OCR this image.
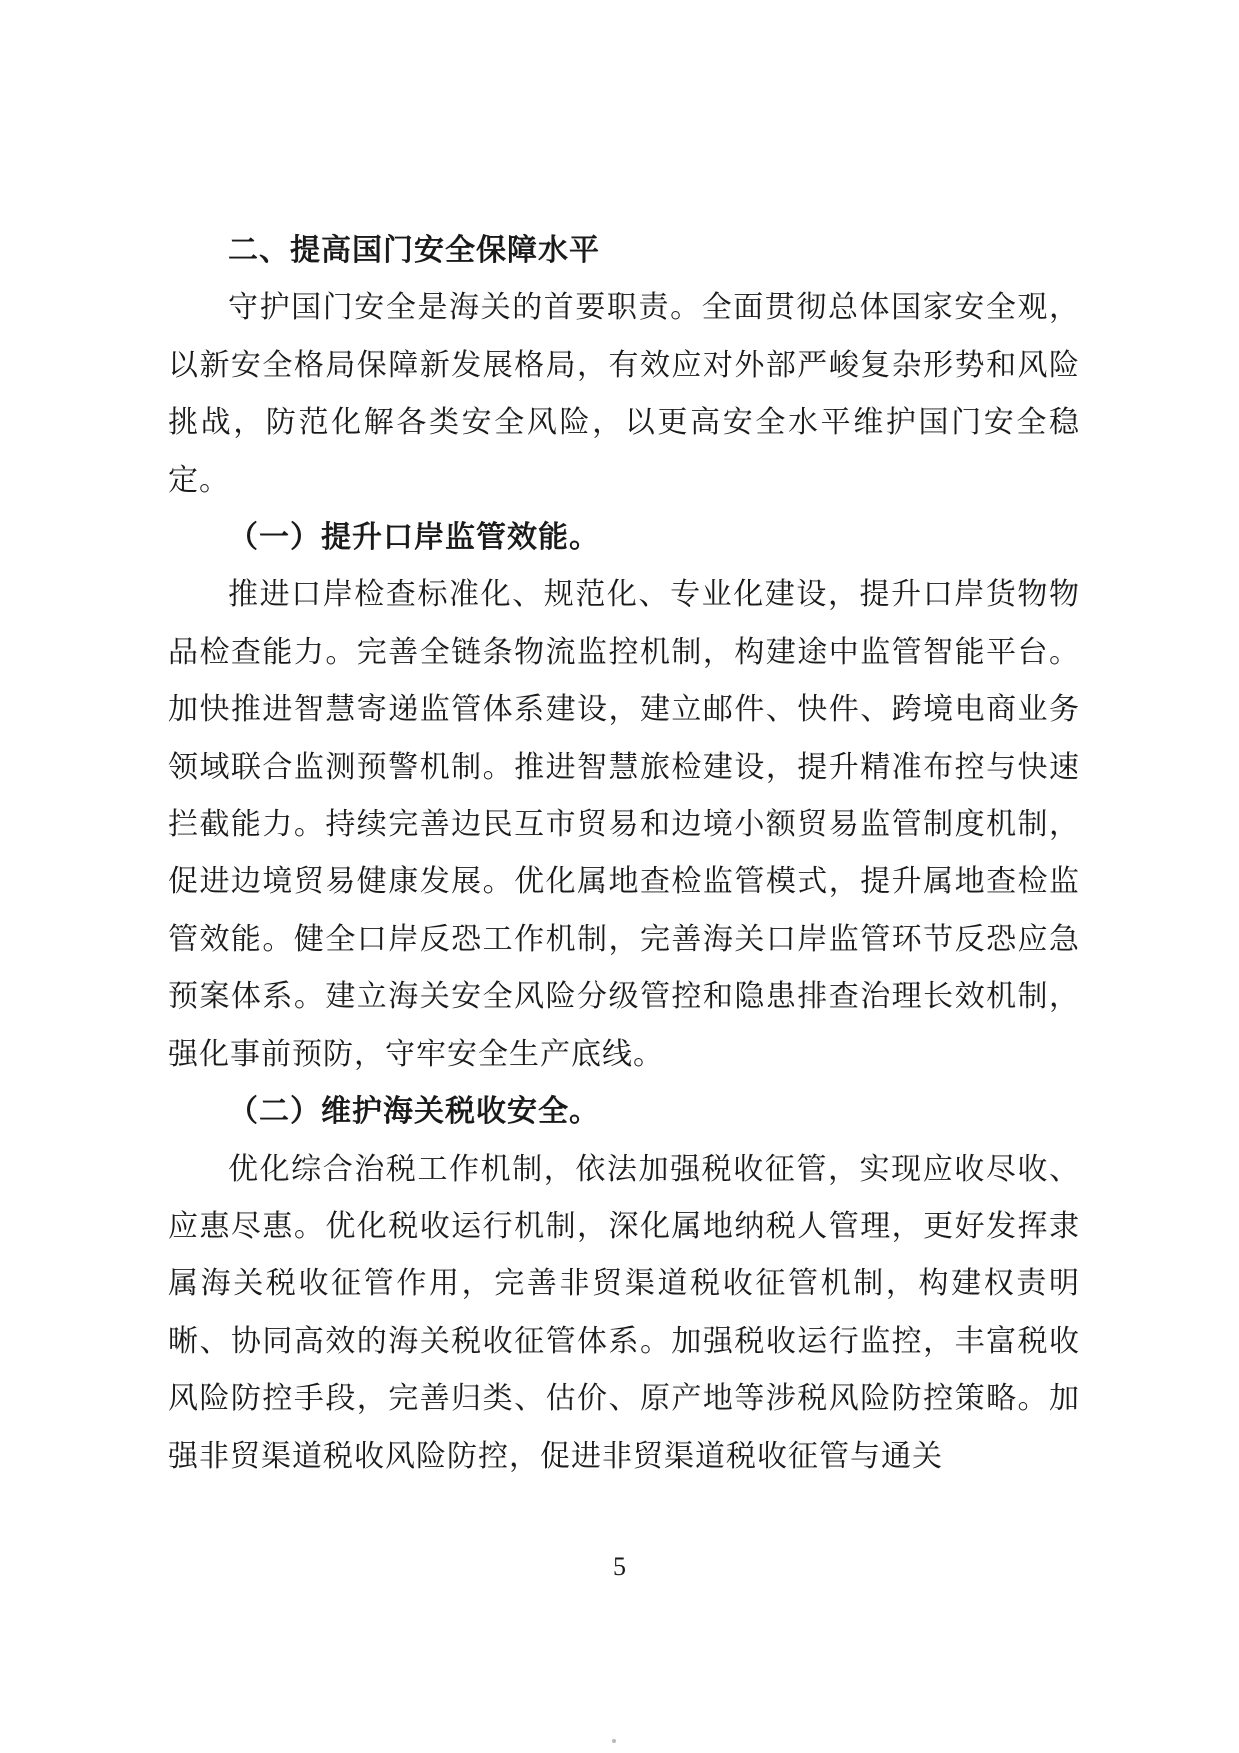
二、提高国门安全保障水平

守护国门安全是海关的首要职责。全面贯彻总体国家安全观，以新安全格局保障新发展格局，有效应对外部严峻复杂形势和风险挑战，防范化解各类安全风险，以更高安全水平维护国门安全稳定。

（一）提升口岸监管效能。

推进口岸检查标准化、规范化、专业化建设，提升口岸货物物品检查能力。完善全链条物流监控机制，构建途中监管智能平台。加快推进智慧寄递监管体系建设，建立邮件、快件、跨境电商业务领域联合监测预警机制。推进智慧旅检建设，提升精准布控与快速拦截能力。持续完善边民互市贸易和边境小额贸易监管制度机制，促进边境贸易健康发展。优化属地查检监管模式，提升属地查检监管效能。健全口岸反恐工作机制，完善海关口岸监管环节反恐应急预案体系。建立海关安全风险分级管控和隐患排查治理长效机制，强化事前预防，守牢安全生产底线。

（二）维护海关税收安全。

优化综合治税工作机制，依法加强税收征管，实现应收尽收、应惠尽惠。优化税收运行机制，深化属地纳税人管理，更好发挥隶属海关税收征管作用，完善非贸渠道税收征管机制，构建权责明晰、协同高效的海关税收征管体系。加强税收运行监控，丰富税收风险防控手段，完善归类、估价、原产地等涉税风险防控策略。加强非贸渠道税收风险防控，促进非贸渠道税收征管与通关

5
